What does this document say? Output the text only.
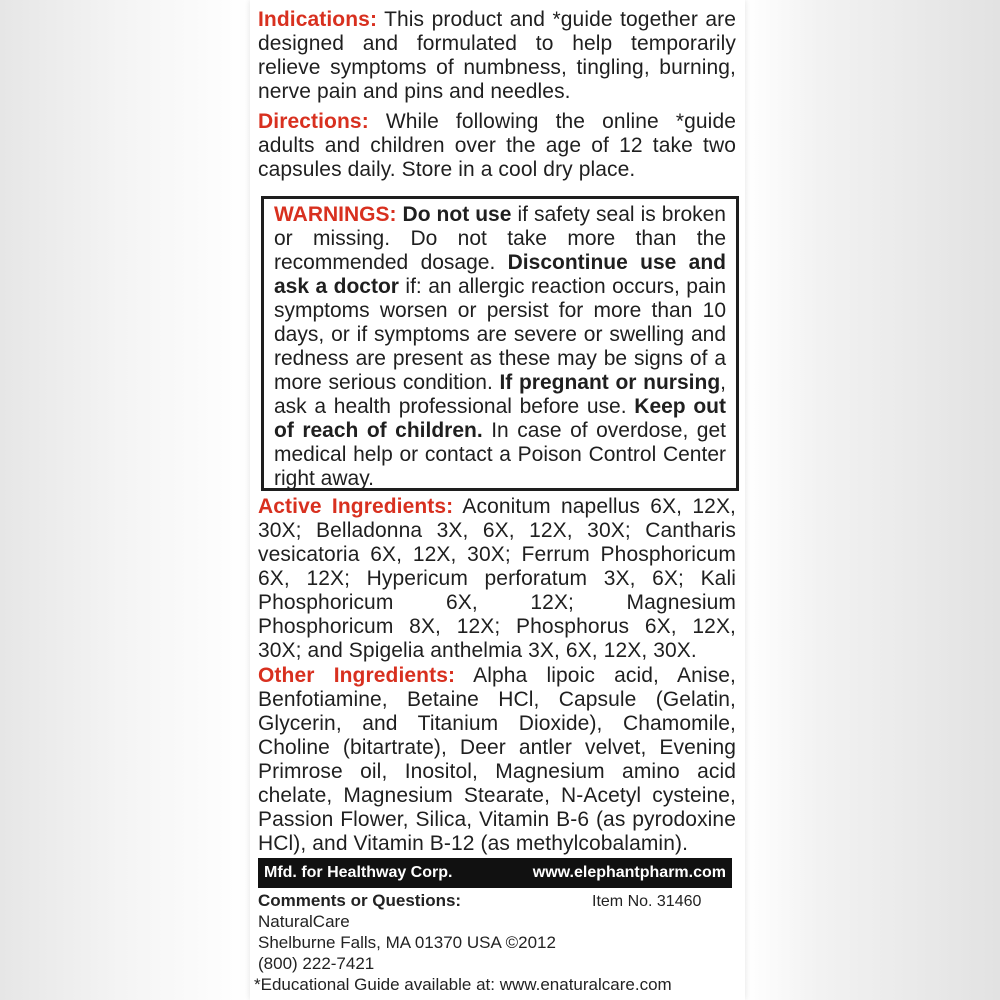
Indications: This product and *guide together are designed and formulated to help temporarily relieve symptoms of numbness, tingling, burning, nerve pain and pins and needles.
Directions: While following the online *guide adults and children over the age of 12 take two capsules daily. Store in a cool dry place.
WARNINGS: Do not use if safety seal is broken or missing. Do not take more than the recommended dosage. Discontinue use and ask a doctor if: an allergic reaction occurs, pain symptoms worsen or persist for more than 10 days, or if symptoms are severe or swelling and redness are present as these may be signs of a more serious condition. If pregnant or nursing, ask a health professional before use. Keep out of reach of children. In case of overdose, get medical help or contact a Poison Control Center right away.
Active Ingredients: Aconitum napellus 6X, 12X, 30X; Belladonna 3X, 6X, 12X, 30X; Cantharis vesicatoria 6X, 12X, 30X; Ferrum Phosphoricum 6X, 12X; Hypericum perforatum 3X, 6X; Kali Phosphoricum 6X, 12X; Magnesium Phosphoricum 8X, 12X; Phosphorus 6X, 12X, 30X; and Spigelia anthelmia 3X, 6X, 12X, 30X.
Other Ingredients: Alpha lipoic acid, Anise, Benfotiamine, Betaine HCl, Capsule (Gelatin, Glycerin, and Titanium Dioxide), Chamomile, Choline (bitartrate), Deer antler velvet, Evening Primrose oil, Inositol, Magnesium amino acid chelate, Magnesium Stearate, N-Acetyl cysteine, Passion Flower, Silica, Vitamin B-6 (as pyrodoxine HCl), and Vitamin B-12 (as methylcobalamin).
Mfd. for Healthway Corp.	www.elephantpharm.com
Comments or Questions:	Item No. 31460
NaturalCare
Shelburne Falls, MA 01370 USA ©2012
(800) 222-7421
*Educational Guide available at: www.enaturalcare.com
